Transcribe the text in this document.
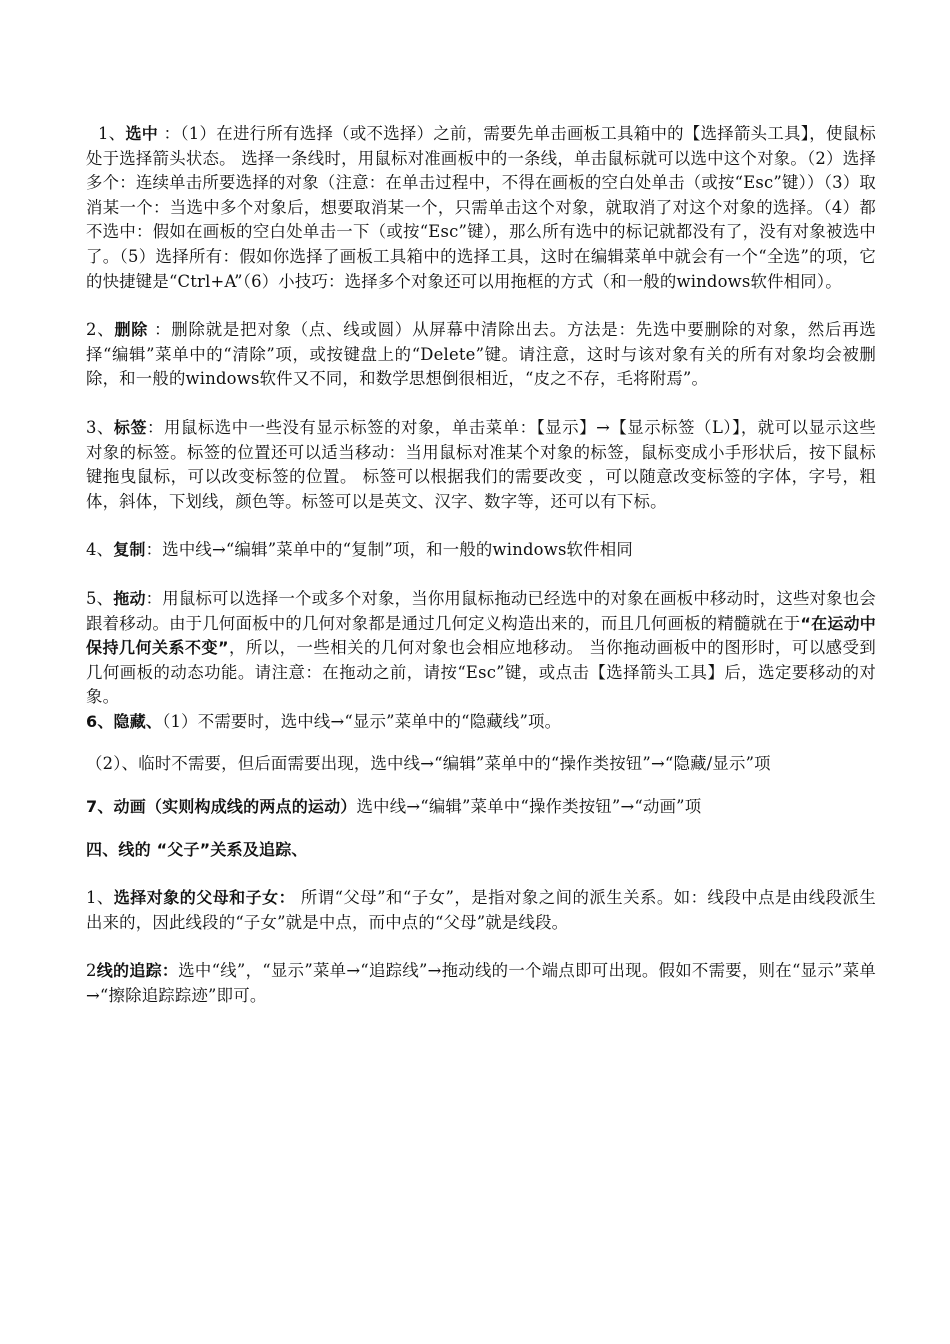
1、选中 ：（1）在进行所有选择（或不选择）之前，需要先单击画板工具箱中的【选择箭头工具】，使鼠标处于选择箭头状态。 选择一条线时，用鼠标对准画板中的一条线，单击鼠标就可以选中这个对象。（2）选择多个：连续单击所要选择的对象（注意：在单击过程中，不得在画板的空白处单击（或按“Esc”键））（3）取消某一个：当选中多个对象后，想要取消某一个，只需单击这个对象，就取消了对这个对象的选择。（4）都不选中：假如在画板的空白处单击一下（或按“Esc”键），那么所有选中的标记就都没有了，没有对象被选中了。（5）选择所有：假如你选择了画板工具箱中的选择工具，这时在编辑菜单中就会有一个“全选”的项，它的快捷键是“Ctrl+A”（6）小技巧：选择多个对象还可以用拖框的方式（和一般的windows软件相同）。

2、删除 ：删除就是把对象（点、线或圆）从屏幕中清除出去。方法是：先选中要删除的对象，然后再选择“编辑”菜单中的“清除”项，或按键盘上的“Delete”键。请注意，这时与该对象有关的所有对象均会被删除，和一般的windows软件又不同，和数学思想倒很相近，“皮之不存，毛将附焉”。

3、标签：用鼠标选中一些没有显示标签的对象，单击菜单：【显示】→【显示标签（L）】，就可以显示这些对象的标签。标签的位置还可以适当移动：当用鼠标对准某个对象的标签，鼠标变成小手形状后，按下鼠标键拖曳鼠标，可以改变标签的位置。 标签可以根据我们的需要改变 ，可以随意改变标签的字体，字号，粗体，斜体，下划线，颜色等。标签可以是英文、汉字、数字等，还可以有下标。

4、复制：选中线→“编辑”菜单中的“复制”项，和一般的windows软件相同

5、拖动：用鼠标可以选择一个或多个对象，当你用鼠标拖动已经选中的对象在画板中移动时，这些对象也会跟着移动。由于几何面板中的几何对象都是通过几何定义构造出来的，而且几何画板的精髓就在于“在运动中保持几何关系不变”，所以，一些相关的几何对象也会相应地移动。 当你拖动画板中的图形时，可以感受到几何画板的动态功能。请注意：在拖动之前，请按“Esc”键，或点击【选择箭头工具】后，选定要移动的对象。

6、隐藏、（1）不需要时，选中线→“显示”菜单中的“隐藏线”项。

（2）、临时不需要，但后面需要出现，选中线→“编辑”菜单中的“操作类按钮”→“隐藏/显示”项

7、动画（实则构成线的两点的运动）选中线→“编辑”菜单中“操作类按钮”→“动画”项

四、线的 “父子”关系及追踪、

1、选择对象的父母和子女： 所谓“父母”和“子女”，是指对象之间的派生关系。如：线段中点是由线段派生出来的，因此线段的“子女”就是中点，而中点的“父母”就是线段。

2线的追踪：选中“线”，“显示”菜单→“追踪线”→拖动线的一个端点即可出现。假如不需要，则在“显示”菜单→“擦除追踪踪迹”即可。
